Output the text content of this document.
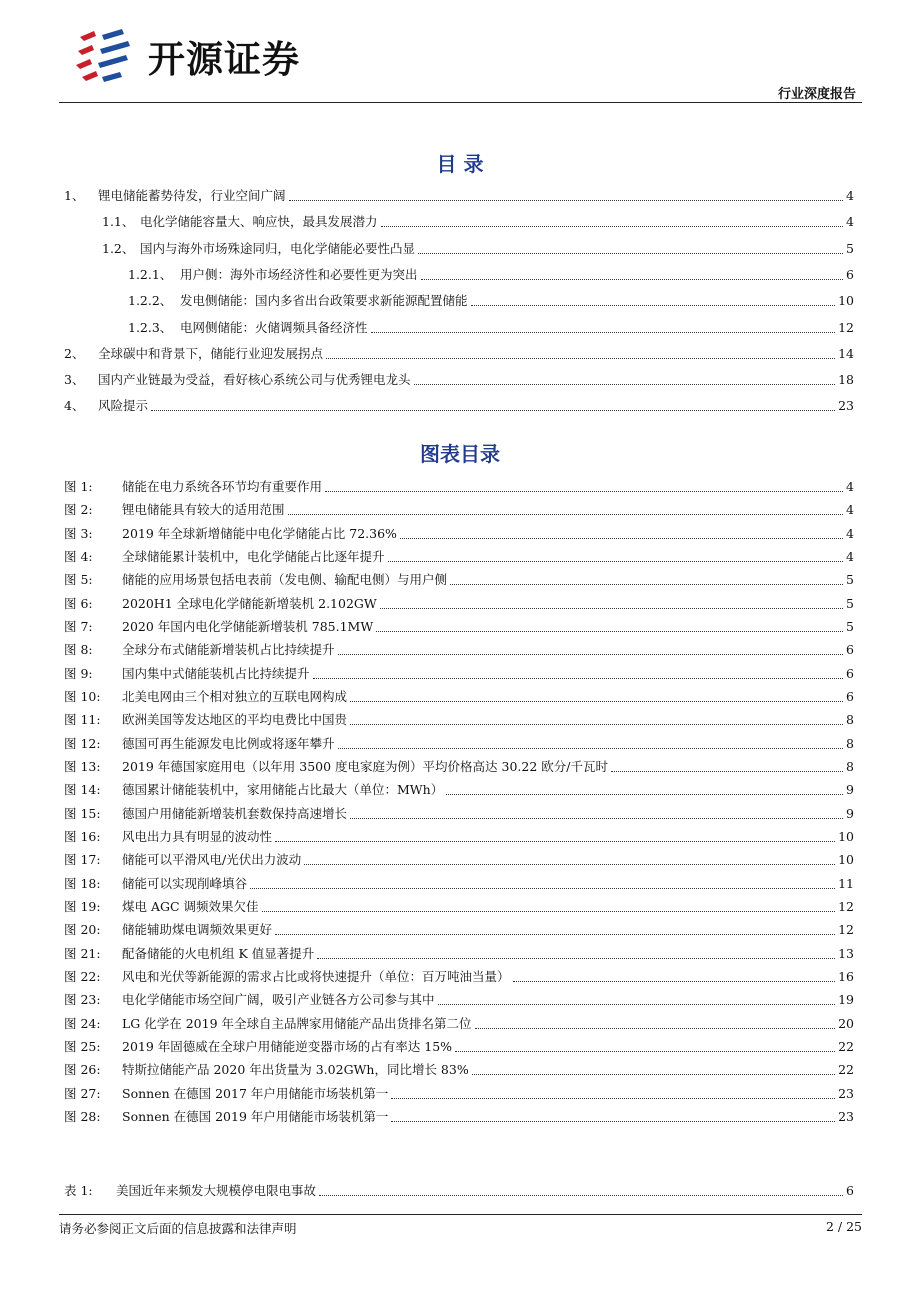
开源证券
行业深度报告
目 录
1、	锂电储能蓄势待发，行业空间广阔	4
1.1、 电化学储能容量大、响应快，最具发展潜力	4
1.2、 国内与海外市场殊途同归，电化学储能必要性凸显	5
1.2.1、 用户侧：海外市场经济性和必要性更为突出	6
1.2.2、 发电侧储能：国内多省出台政策要求新能源配置储能	10
1.2.3、 电网侧储能：火储调频具备经济性	12
2、	全球碳中和背景下，储能行业迎发展拐点	14
3、	国内产业链最为受益，看好核心系统公司与优秀锂电龙头	18
4、	风险提示	23
图表目录
图 1:	储能在电力系统各环节均有重要作用	4
图 2:	锂电储能具有较大的适用范围	4
图 3:	2019 年全球新增储能中电化学储能占比 72.36%	4
图 4:	全球储能累计装机中，电化学储能占比逐年提升	4
图 5:	储能的应用场景包括电表前（发电侧、输配电侧）与用户侧	5
图 6:	2020H1 全球电化学储能新增装机 2.102GW	5
图 7:	2020 年国内电化学储能新增装机 785.1MW	5
图 8:	全球分布式储能新增装机占比持续提升	6
图 9:	国内集中式储能装机占比持续提升	6
图 10:	北美电网由三个相对独立的互联电网构成	6
图 11:	欧洲美国等发达地区的平均电费比中国贵	8
图 12:	德国可再生能源发电比例或将逐年攀升	8
图 13:	2019 年德国家庭用电（以年用 3500 度电家庭为例）平均价格高达 30.22 欧分/千瓦时	8
图 14:	德国累计储能装机中，家用储能占比最大（单位：MWh）	9
图 15:	德国户用储能新增装机套数保持高速增长	9
图 16:	风电出力具有明显的波动性	10
图 17:	储能可以平滑风电/光伏出力波动	10
图 18:	储能可以实现削峰填谷	11
图 19:	煤电 AGC 调频效果欠佳	12
图 20:	储能辅助煤电调频效果更好	12
图 21:	配备储能的火电机组 K 值显著提升	13
图 22:	风电和光伏等新能源的需求占比或将快速提升（单位：百万吨油当量）	16
图 23:	电化学储能市场空间广阔，吸引产业链各方公司参与其中	19
图 24:	LG 化学在 2019 年全球自主品牌家用储能产品出货排名第二位	20
图 25:	2019 年固德威在全球户用储能逆变器市场的占有率达 15%	22
图 26:	特斯拉储能产品 2020 年出货量为 3.02GWh，同比增长 83%	22
图 27:	Sonnen 在德国 2017 年户用储能市场装机第一	23
图 28:	Sonnen 在德国 2019 年户用储能市场装机第一	23
表 1:	美国近年来频发大规模停电限电事故	6
请务必参阅正文后面的信息披露和法律声明	2 / 25
